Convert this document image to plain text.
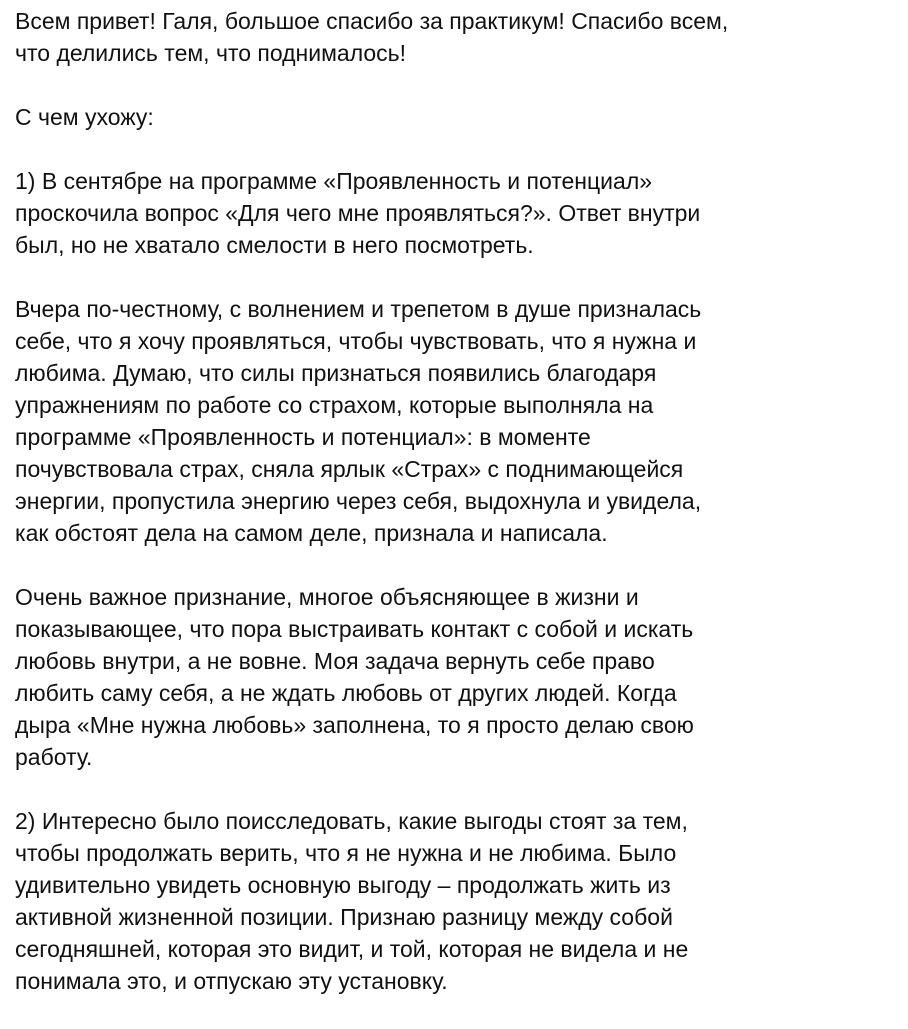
Всем привет! Галя, большое спасибо за практикум! Спасибо всем,
что делились тем, что поднималось!

С чем ухожу:

1) В сентябре на программе «Проявленность и потенциал»
проскочила вопрос «Для чего мне проявляться?». Ответ внутри
был, но не хватало смелости в него посмотреть.

Вчера по-честному, с волнением и трепетом в душе призналась
себе, что я хочу проявляться, чтобы чувствовать, что я нужна и
любима. Думаю, что силы признаться появились благодаря
упражнениям по работе со страхом, которые выполняла на
программе «Проявленность и потенциал»: в моменте
почувствовала страх, сняла ярлык «Страх» с поднимающейся
энергии, пропустила энергию через себя, выдохнула и увидела,
как обстоят дела на самом деле, признала и написала.

Очень важное признание, многое объясняющее в жизни и
показывающее, что пора выстраивать контакт с собой и искать
любовь внутри, а не вовне. Моя задача вернуть себе право
любить саму себя, а не ждать любовь от других людей. Когда
дыра «Мне нужна любовь» заполнена, то я просто делаю свою
работу.

2) Интересно было поисследовать, какие выгоды стоят за тем,
чтобы продолжать верить, что я не нужна и не любима. Было
удивительно увидеть основную выгоду – продолжать жить из
активной жизненной позиции. Признаю разницу между собой
сегодняшней, которая это видит, и той, которая не видела и не
понимала это, и отпускаю эту установку.
